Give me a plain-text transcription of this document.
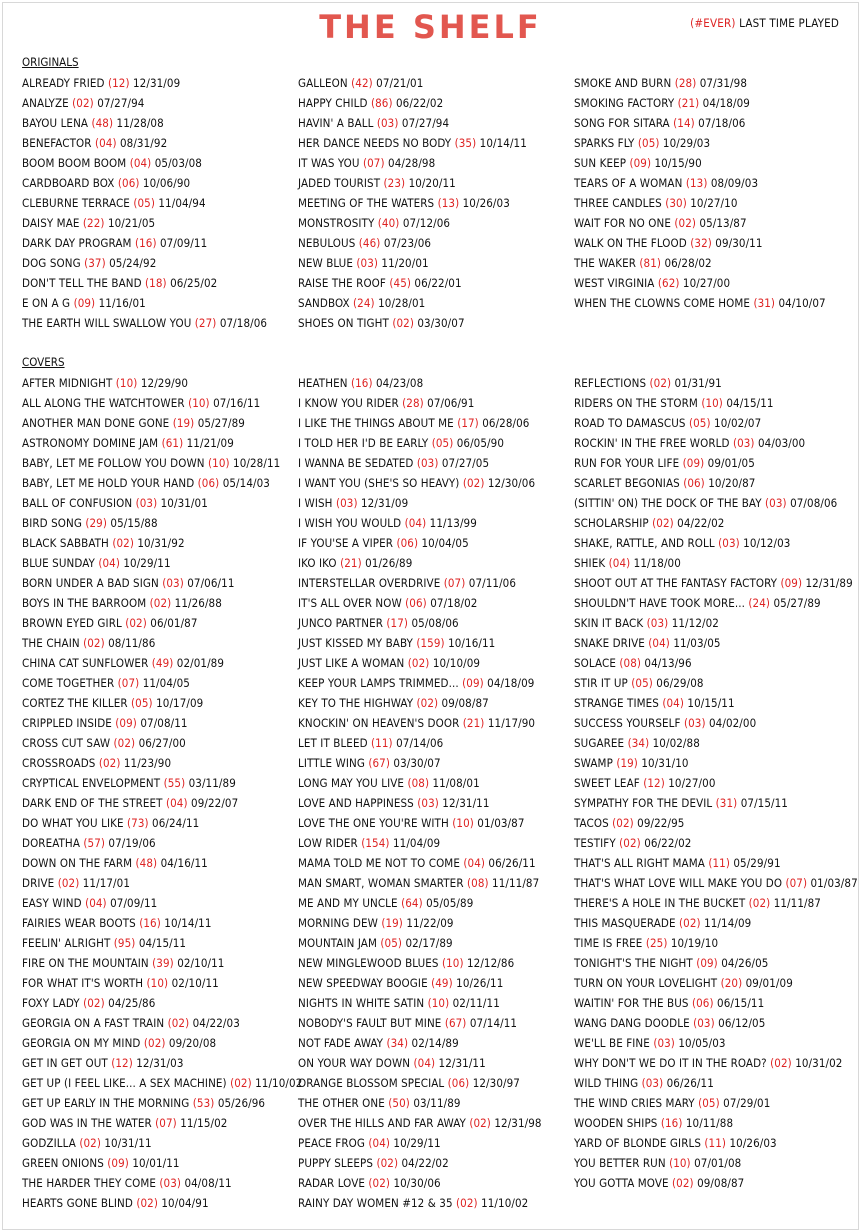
THE SHELF	(#EVER) LAST TIME PLAYED
ORIGINALS
ALREADY FRIED (12) 12/31/09
ANALYZE (02) 07/27/94
BAYOU LENA (48) 11/28/08
BENEFACTOR (04) 08/31/92
BOOM BOOM BOOM (04) 05/03/08
CARDBOARD BOX (06) 10/06/90
CLEBURNE TERRACE (05) 11/04/94
DAISY MAE (22) 10/21/05
DARK DAY PROGRAM (16) 07/09/11
DOG SONG (37) 05/24/92
DON'T TELL THE BAND (18) 06/25/02
E ON A G (09) 11/16/01
THE EARTH WILL SWALLOW YOU (27) 07/18/06
GALLEON (42) 07/21/01
HAPPY CHILD (86) 06/22/02
HAVIN' A BALL (03) 07/27/94
HER DANCE NEEDS NO BODY (35) 10/14/11
IT WAS YOU (07) 04/28/98
JADED TOURIST (23) 10/20/11
MEETING OF THE WATERS (13) 10/26/03
MONSTROSITY (40) 07/12/06
NEBULOUS (46) 07/23/06
NEW BLUE (03) 11/20/01
RAISE THE ROOF (45) 06/22/01
SANDBOX (24) 10/28/01
SHOES ON TIGHT (02) 03/30/07
SMOKE AND BURN (28) 07/31/98
SMOKING FACTORY (21) 04/18/09
SONG FOR SITARA (14) 07/18/06
SPARKS FLY (05) 10/29/03
SUN KEEP (09) 10/15/90
TEARS OF A WOMAN (13) 08/09/03
THREE CANDLES (30) 10/27/10
WAIT FOR NO ONE (02) 05/13/87
WALK ON THE FLOOD (32) 09/30/11
THE WAKER (81) 06/28/02
WEST VIRGINIA (62) 10/27/00
WHEN THE CLOWNS COME HOME (31) 04/10/07
COVERS
AFTER MIDNIGHT (10) 12/29/90
ALL ALONG THE WATCHTOWER (10) 07/16/11
ANOTHER MAN DONE GONE (19) 05/27/89
ASTRONOMY DOMINE JAM (61) 11/21/09
BABY, LET ME FOLLOW YOU DOWN (10) 10/28/11
BABY, LET ME HOLD YOUR HAND (06) 05/14/03
BALL OF CONFUSION (03) 10/31/01
BIRD SONG (29) 05/15/88
BLACK SABBATH (02) 10/31/92
BLUE SUNDAY (04) 10/29/11
BORN UNDER A BAD SIGN (03) 07/06/11
BOYS IN THE BARROOM (02) 11/26/88
BROWN EYED GIRL (02) 06/01/87
THE CHAIN (02) 08/11/86
CHINA CAT SUNFLOWER (49) 02/01/89
COME TOGETHER (07) 11/04/05
CORTEZ THE KILLER (05) 10/17/09
CRIPPLED INSIDE (09) 07/08/11
CROSS CUT SAW (02) 06/27/00
CROSSROADS (02) 11/23/90
CRYPTICAL ENVELOPMENT (55) 03/11/89
DARK END OF THE STREET (04) 09/22/07
DO WHAT YOU LIKE (73) 06/24/11
DOREATHA (57) 07/19/06
DOWN ON THE FARM (48) 04/16/11
DRIVE (02) 11/17/01
EASY WIND (04) 07/09/11
FAIRIES WEAR BOOTS (16) 10/14/11
FEELIN' ALRIGHT (95) 04/15/11
FIRE ON THE MOUNTAIN (39) 02/10/11
FOR WHAT IT'S WORTH (10) 02/10/11
FOXY LADY (02) 04/25/86
GEORGIA ON A FAST TRAIN (02) 04/22/03
GEORGIA ON MY MIND (02) 09/20/08
GET IN GET OUT (12) 12/31/03
GET UP (I FEEL LIKE... A SEX MACHINE) (02) 11/10/02
GET UP EARLY IN THE MORNING (53) 05/26/96
GOD WAS IN THE WATER (07) 11/15/02
GODZILLA (02) 10/31/11
GREEN ONIONS (09) 10/01/11
THE HARDER THEY COME (03) 04/08/11
HEARTS GONE BLIND (02) 10/04/91
HEATHEN (16) 04/23/08
I KNOW YOU RIDER (28) 07/06/91
I LIKE THE THINGS ABOUT ME (17) 06/28/06
I TOLD HER I'D BE EARLY (05) 06/05/90
I WANNA BE SEDATED (03) 07/27/05
I WANT YOU (SHE'S SO HEAVY) (02) 12/30/06
I WISH (03) 12/31/09
I WISH YOU WOULD (04) 11/13/99
IF YOU'SE A VIPER (06) 10/04/05
IKO IKO (21) 01/26/89
INTERSTELLAR OVERDRIVE (07) 07/11/06
IT'S ALL OVER NOW (06) 07/18/02
JUNCO PARTNER (17) 05/08/06
JUST KISSED MY BABY (159) 10/16/11
JUST LIKE A WOMAN (02) 10/10/09
KEEP YOUR LAMPS TRIMMED... (09) 04/18/09
KEY TO THE HIGHWAY (02) 09/08/87
KNOCKIN' ON HEAVEN'S DOOR (21) 11/17/90
LET IT BLEED (11) 07/14/06
LITTLE WING (67) 03/30/07
LONG MAY YOU LIVE (08) 11/08/01
LOVE AND HAPPINESS (03) 12/31/11
LOVE THE ONE YOU'RE WITH (10) 01/03/87
LOW RIDER (154) 11/04/09
MAMA TOLD ME NOT TO COME (04) 06/26/11
MAN SMART, WOMAN SMARTER (08) 11/11/87
ME AND MY UNCLE (64) 05/05/89
MORNING DEW (19) 11/22/09
MOUNTAIN JAM (05) 02/17/89
NEW MINGLEWOOD BLUES (10) 12/12/86
NEW SPEEDWAY BOOGIE (49) 10/26/11
NIGHTS IN WHITE SATIN (10) 02/11/11
NOBODY'S FAULT BUT MINE (67) 07/14/11
NOT FADE AWAY (34) 02/14/89
ON YOUR WAY DOWN (04) 12/31/11
ORANGE BLOSSOM SPECIAL (06) 12/30/97
THE OTHER ONE (50) 03/11/89
OVER THE HILLS AND FAR AWAY (02) 12/31/98
PEACE FROG (04) 10/29/11
PUPPY SLEEPS (02) 04/22/02
RADAR LOVE (02) 10/30/06
RAINY DAY WOMEN #12 & 35 (02) 11/10/02
REFLECTIONS (02) 01/31/91
RIDERS ON THE STORM (10) 04/15/11
ROAD TO DAMASCUS (05) 10/02/07
ROCKIN' IN THE FREE WORLD (03) 04/03/00
RUN FOR YOUR LIFE (09) 09/01/05
SCARLET BEGONIAS (06) 10/20/87
(SITTIN' ON) THE DOCK OF THE BAY (03) 07/08/06
SCHOLARSHIP (02) 04/22/02
SHAKE, RATTLE, AND ROLL (03) 10/12/03
SHIEK (04) 11/18/00
SHOOT OUT AT THE FANTASY FACTORY (09) 12/31/89
SHOULDN'T HAVE TOOK MORE... (24) 05/27/89
SKIN IT BACK (03) 11/12/02
SNAKE DRIVE (04) 11/03/05
SOLACE (08) 04/13/96
STIR IT UP (05) 06/29/08
STRANGE TIMES (04) 10/15/11
SUCCESS YOURSELF (03) 04/02/00
SUGAREE (34) 10/02/88
SWAMP (19) 10/31/10
SWEET LEAF (12) 10/27/00
SYMPATHY FOR THE DEVIL (31) 07/15/11
TACOS (02) 09/22/95
TESTIFY (02) 06/22/02
THAT'S ALL RIGHT MAMA (11) 05/29/91
THAT'S WHAT LOVE WILL MAKE YOU DO (07) 01/03/87
THERE'S A HOLE IN THE BUCKET (02) 11/11/87
THIS MASQUERADE (02) 11/14/09
TIME IS FREE (25) 10/19/10
TONIGHT'S THE NIGHT (09) 04/26/05
TURN ON YOUR LOVELIGHT (20) 09/01/09
WAITIN' FOR THE BUS (06) 06/15/11
WANG DANG DOODLE (03) 06/12/05
WE'LL BE FINE (03) 10/05/03
WHY DON'T WE DO IT IN THE ROAD? (02) 10/31/02
WILD THING (03) 06/26/11
THE WIND CRIES MARY (05) 07/29/01
WOODEN SHIPS (16) 10/11/88
YARD OF BLONDE GIRLS (11) 10/26/03
YOU BETTER RUN (10) 07/01/08
YOU GOTTA MOVE (02) 09/08/87
